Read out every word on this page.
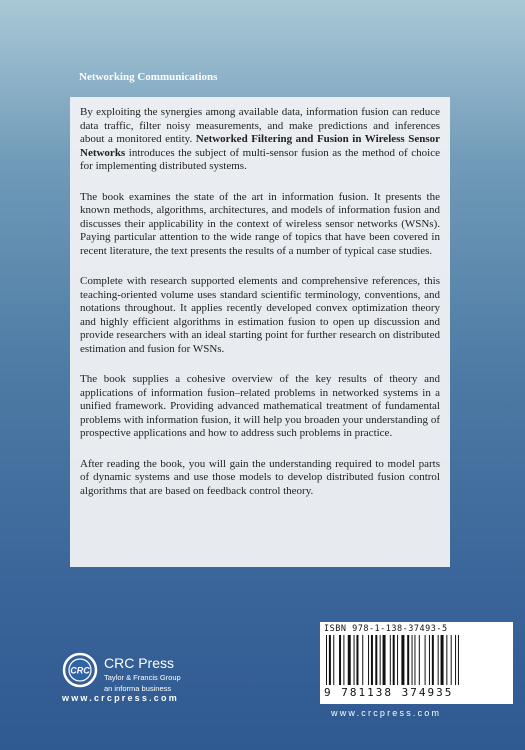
Networking Communications

By exploiting the synergies among available data, information fusion can reduce data traffic, filter noisy measurements, and make predictions and inferences about a monitored entity. Networked Filtering and Fusion in Wireless Sensor Networks introduces the subject of multi-sensor fusion as the method of choice for implementing distributed systems.

The book examines the state of the art in information fusion. It presents the known methods, algorithms, architectures, and models of information fusion and discusses their applicability in the context of wireless sensor networks (WSNs). Paying particular attention to the wide range of topics that have been covered in recent literature, the text presents the results of a number of typical case studies.

Complete with research supported elements and comprehensive references, this teaching-oriented volume uses standard scientific terminology, conventions, and notations throughout. It applies recently developed convex optimization theory and highly efficient algorithms in estimation fusion to open up discussion and provide researchers with an ideal starting point for further research on distributed estimation and fusion for WSNs.

The book supplies a cohesive overview of the key results of theory and applications of information fusion–related problems in networked systems in a unified framework. Providing advanced mathematical treatment of fundamental problems with information fusion, it will help you broaden your understanding of prospective applications and how to address such problems in practice.

After reading the book, you will gain the understanding required to model parts of dynamic systems and use those models to develop distributed fusion control algorithms that are based on feedback control theory.

CRC CRC Press
Taylor & Francis Group
an informa business
www.crcpress.com
ISBN 978-1-138-37493-5
9 781138 374935
www.crcpress.com
